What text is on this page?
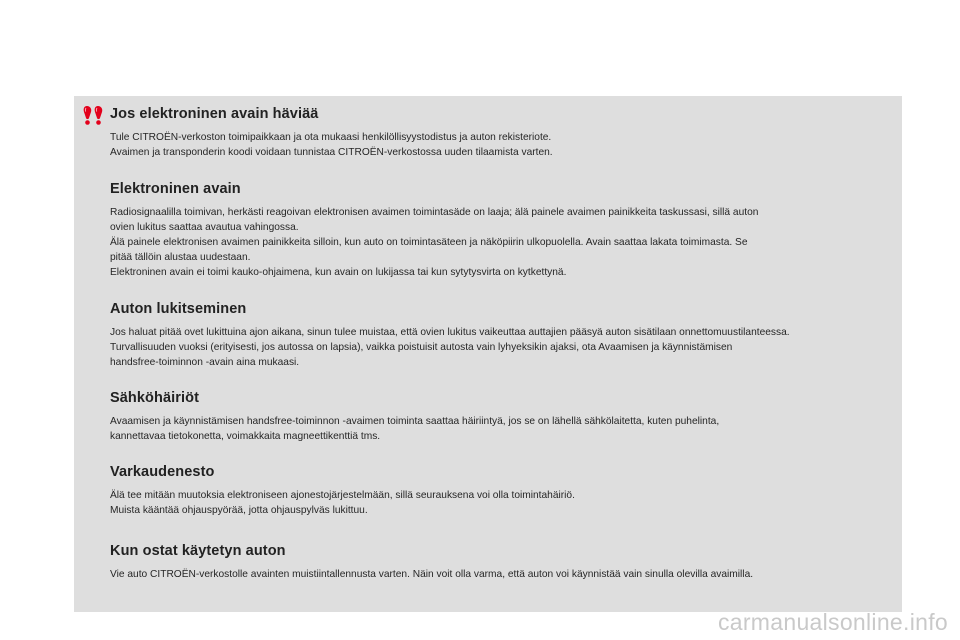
Jos elektroninen avain häviää

Tule CITROËN-verkoston toimipaikkaan ja ota mukaasi henkilöllisyystodistus ja auton rekisteriote.

Avaimen ja transponderin koodi voidaan tunnistaa CITROËN-verkostossa uuden tilaamista varten.

Elektroninen avain

Radiosignaalilla toimivan, herkästi reagoivan elektronisen avaimen toimintasäde on laaja; älä painele avaimen painikkeita taskussasi, sillä auton

ovien lukitus saattaa avautua vahingossa.

Älä painele elektronisen avaimen painikkeita silloin, kun auto on toimintasäteen ja näköpiirin ulkopuolella. Avain saattaa lakata toimimasta. Se

pitää tällöin alustaa uudestaan.

Elektroninen avain ei toimi kauko-ohjaimena, kun avain on lukijassa tai kun sytytysvirta on kytkettynä.

Auton lukitseminen

Jos haluat pitää ovet lukittuina ajon aikana, sinun tulee muistaa, että ovien lukitus vaikeuttaa auttajien pääsyä auton sisätilaan onnettomuustilanteessa.

Turvallisuuden vuoksi (erityisesti, jos autossa on lapsia), vaikka poistuisit autosta vain lyhyeksikin ajaksi, ota Avaamisen ja käynnistämisen

handsfree-toiminnon -avain aina mukaasi.

Sähköhäiriöt

Avaamisen ja käynnistämisen handsfree-toiminnon -avaimen toiminta saattaa häiriintyä, jos se on lähellä sähkölaitetta, kuten puhelinta,

kannettavaa tietokonetta, voimakkaita magneettikenttiä tms.

Varkaudenesto

Älä tee mitään muutoksia elektroniseen ajonestojärjestelmään, sillä seurauksena voi olla toimintahäiriö.

Muista kääntää ohjauspyörää, jotta ohjauspylväs lukittuu.

Kun ostat käytetyn auton

Vie auto CITROËN-verkostolle avainten muistiintallennusta varten. Näin voit olla varma, että auton voi käynnistää vain sinulla olevilla avaimilla.

carmanualsonline.info
